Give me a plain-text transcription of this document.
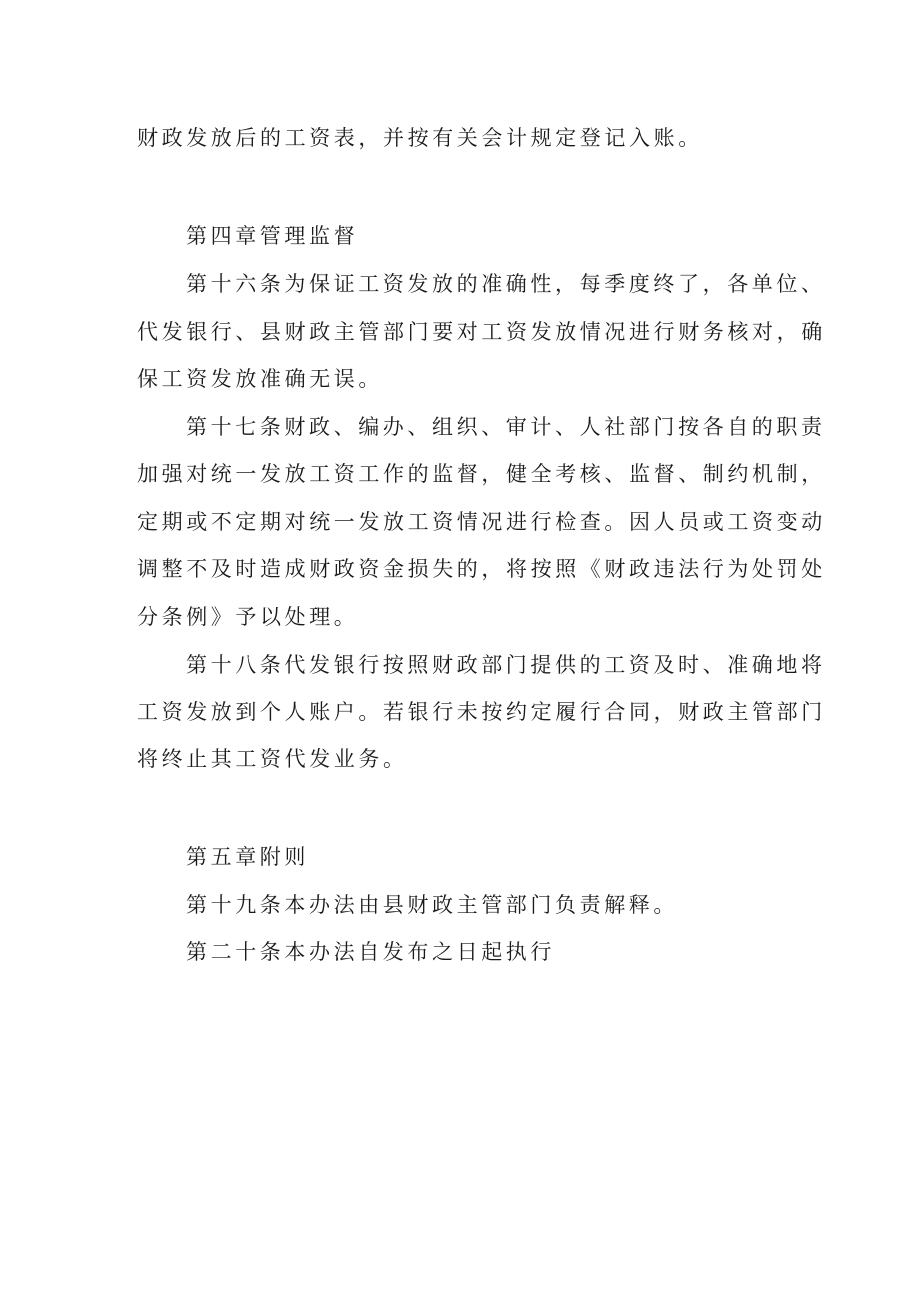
财政发放后的工资表，并按有关会计规定登记入账。
第四章管理监督
第十六条为保证工资发放的准确性，每季度终了，各单位、
代发银行、县财政主管部门要对工资发放情况进行财务核对，确
保工资发放准确无误。
第十七条财政、编办、组织、审计、人社部门按各自的职责
加强对统一发放工资工作的监督，健全考核、监督、制约机制，
定期或不定期对统一发放工资情况进行检查。因人员或工资变动
调整不及时造成财政资金损失的，将按照《财政违法行为处罚处
分条例》予以处理。
第十八条代发银行按照财政部门提供的工资及时、准确地将
工资发放到个人账户。若银行未按约定履行合同，财政主管部门
将终止其工资代发业务。
第五章附则
第十九条本办法由县财政主管部门负责解释。
第二十条本办法自发布之日起执行
